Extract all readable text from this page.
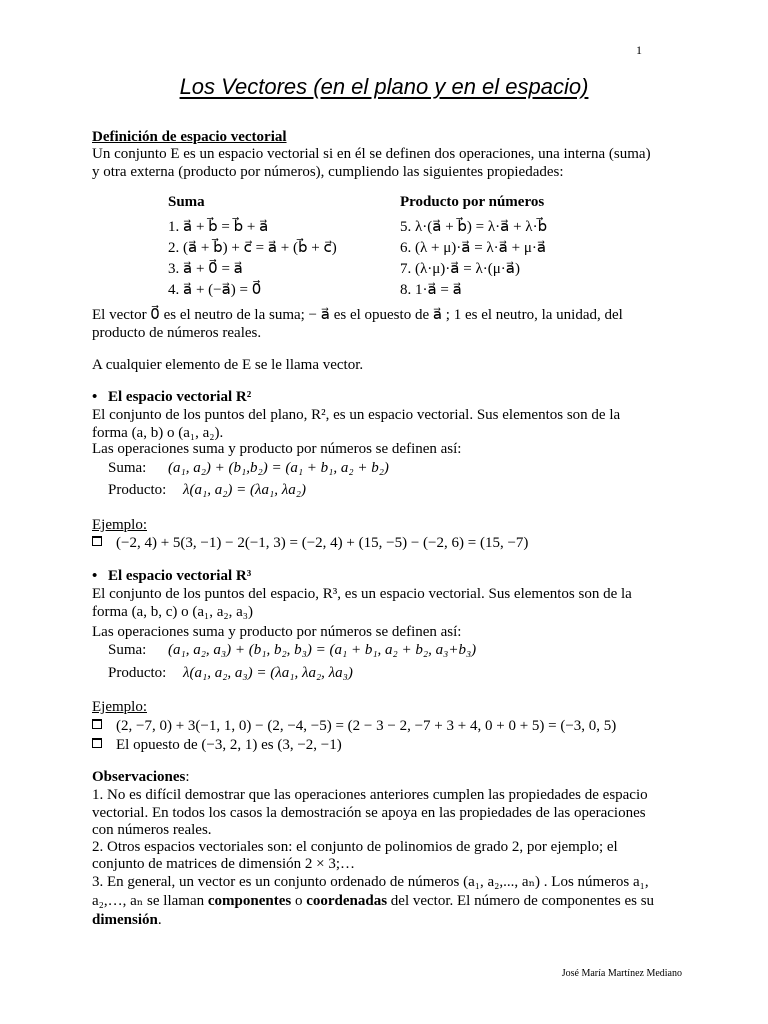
1
Los Vectores (en el plano y en el espacio)
Definición de espacio vectorial
Un conjunto E es un espacio vectorial si en él se definen dos operaciones, una interna (suma)
y otra externa (producto por números), cumpliendo las siguientes propiedades:
Suma	Producto por números
1. a⃗ + b⃗ = b⃗ + a⃗
2. (a⃗ + b⃗) + c⃗ = a⃗ + (b⃗ + c⃗)
3. a⃗ + 0⃗ = a⃗
4. a⃗ + (−a⃗) = 0⃗
5. λ·(a⃗ + b⃗) = λ·a⃗ + λ·b⃗
6. (λ + μ)·a⃗ = λ·a⃗ + μ·a⃗
7. (λ·μ)·a⃗ = λ·(μ·a⃗)
8. 1·a⃗ = a⃗
El vector 0⃗ es el neutro de la suma; − a⃗ es el opuesto de a⃗ ; 1 es el neutro, la unidad, del
producto de números reales.
A cualquier elemento de E se le llama vector.
• El espacio vectorial R²
El conjunto de los puntos del plano, R², es un espacio vectorial. Sus elementos son de la
forma (a, b) o (a₁, a₂).
Las operaciones suma y producto por números se definen así:
Suma: (a₁, a₂) + (b₁,b₂) = (a₁ + b₁, a₂ + b₂)
Producto: λ(a₁, a₂) = (λa₁, λa₂)
Ejemplo:
(−2, 4) + 5(3, −1) − 2(−1, 3) = (−2, 4) + (15, −5) − (−2, 6) = (15, −7)
• El espacio vectorial R³
El conjunto de los puntos del espacio, R³, es un espacio vectorial. Sus elementos son de la
forma (a, b, c) o (a₁, a₂, a₃)
Las operaciones suma y producto por números se definen así:
Suma: (a₁, a₂, a₃) + (b₁, b₂, b₃) = (a₁ + b₁, a₂ + b₂, a₃+b₃)
Producto: λ(a₁, a₂, a₃) = (λa₁, λa₂, λa₃)
Ejemplo:
(2, −7, 0) + 3(−1, 1, 0) − (2, −4, −5) = (2 − 3 − 2, −7 + 3 + 4, 0 + 0 + 5) = (−3, 0, 5)
El opuesto de (−3, 2, 1) es (3, −2, −1)
Observaciones:
1. No es difícil demostrar que las operaciones anteriores cumplen las propiedades de espacio
vectorial. En todos los casos la demostración se apoya en las propiedades de las operaciones
con números reales.
2. Otros espacios vectoriales son: el conjunto de polinomios de grado 2, por ejemplo; el
conjunto de matrices de dimensión 2 × 3;…
3. En general, un vector es un conjunto ordenado de números (a₁, a₂,..., aₙ) . Los números a₁,
a₂,…, aₙ se llaman componentes o coordenadas del vector. El número de componentes es su
dimensión.
José María Martínez Mediano
